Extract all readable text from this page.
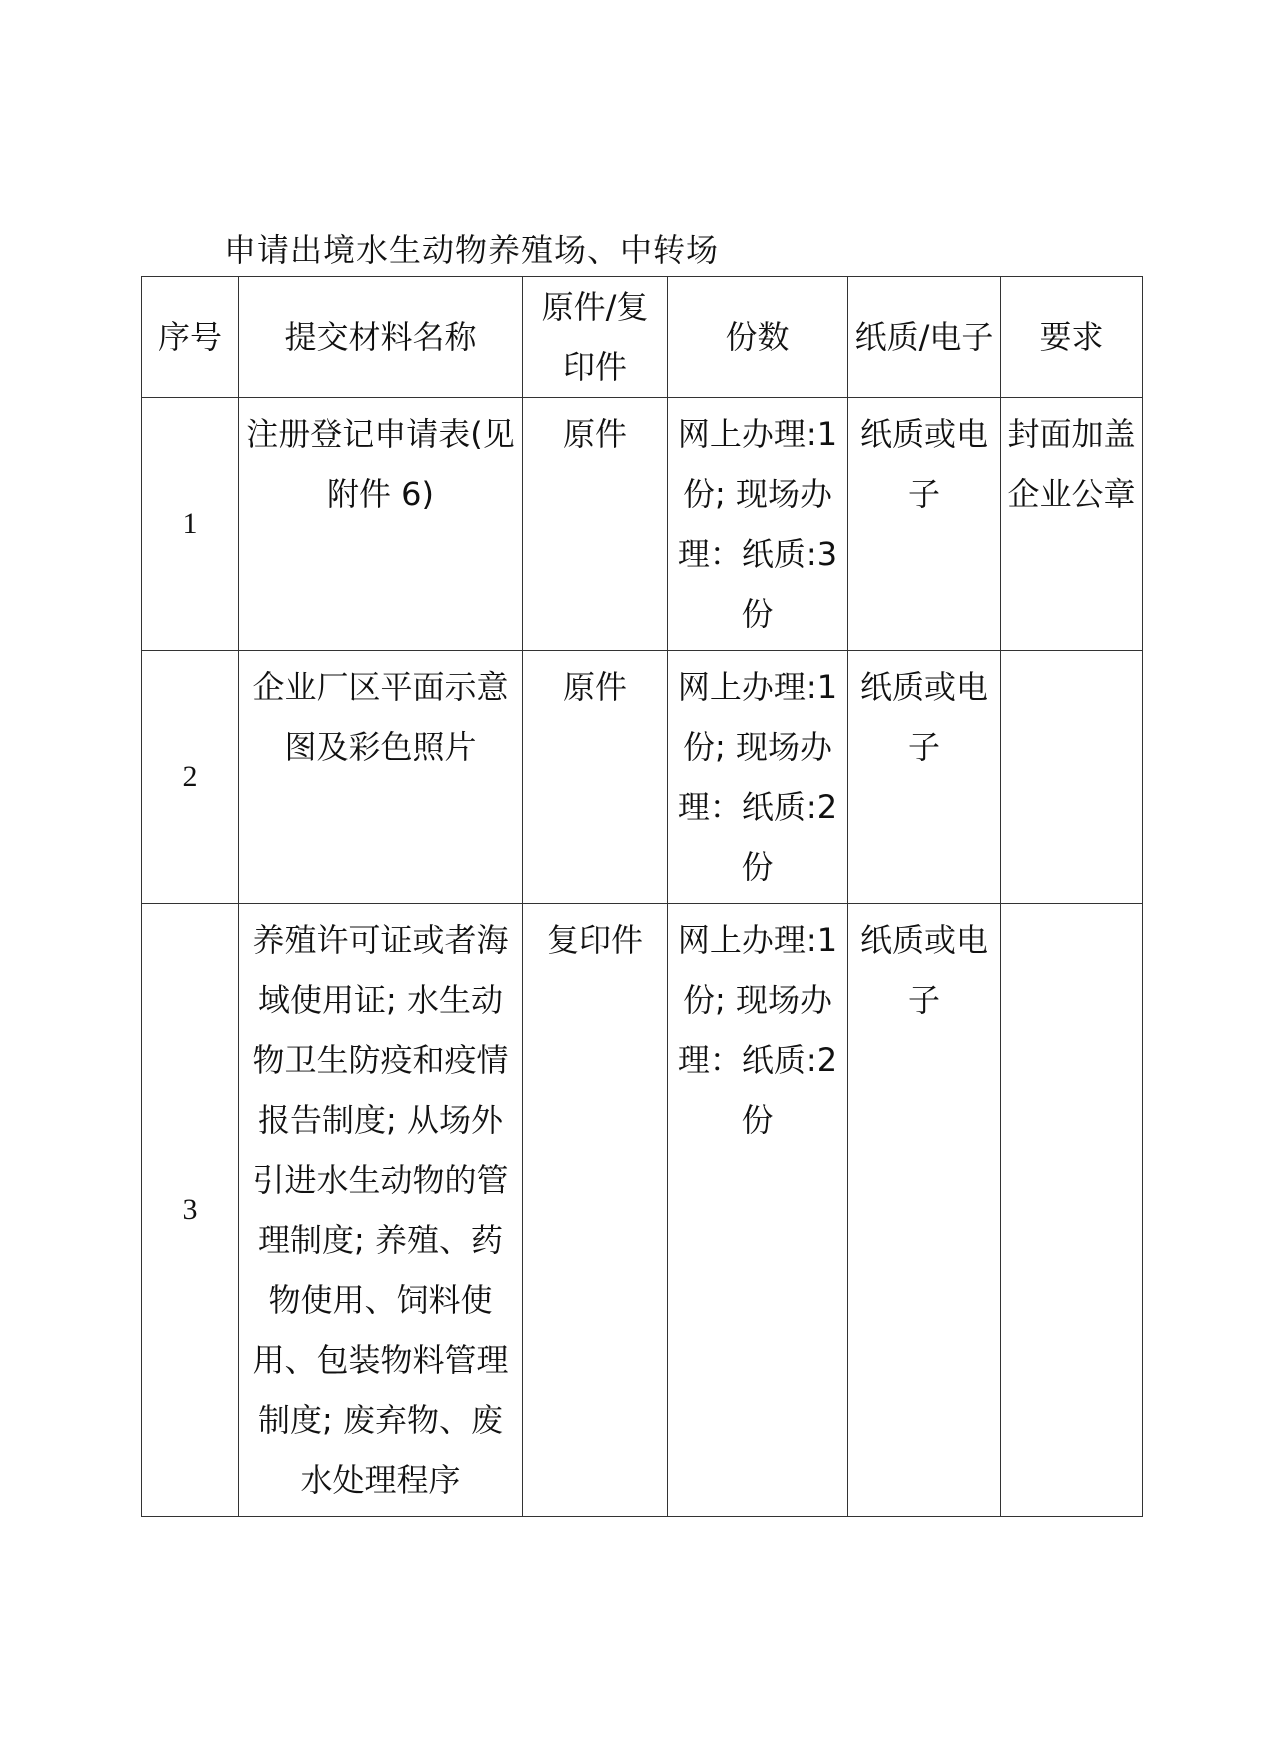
申请出境水生动物养殖场、中转场
序号	提交材料名称	原件/复印件	份数	纸质/电子	要求
1	注册登记申请表(见附件 6)	原件	网上办理:1 份; 现场办理：纸质:3 份	纸质或电子	封面加盖企业公章
2	企业厂区平面示意图及彩色照片	原件	网上办理:1 份; 现场办理：纸质:2 份	纸质或电子	
3	养殖许可证或者海域使用证; 水生动物卫生防疫和疫情报告制度; 从场外引进水生动物的管理制度; 养殖、药物使用、饲料使用、包装物料管理制度; 废弃物、废水处理程序	复印件	网上办理:1 份; 现场办理：纸质:2 份	纸质或电子	
